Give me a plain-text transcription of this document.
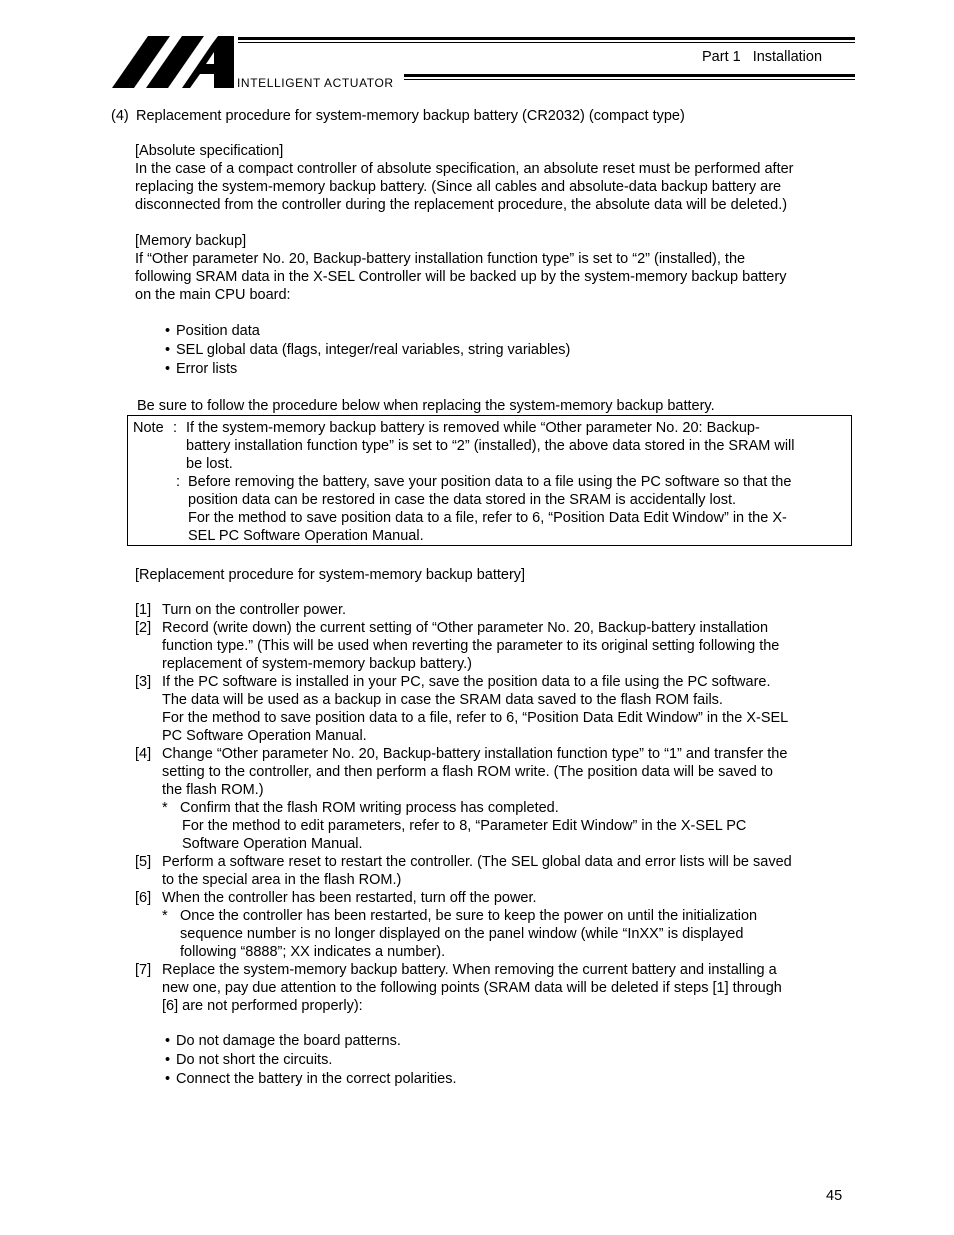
INTELLIGENT ACTUATOR
Part 1 Installation
(4) Replacement procedure for system-memory backup battery (CR2032) (compact type)

[Absolute specification]

In the case of a compact controller of absolute specification, an absolute reset must be performed after

replacing the system-memory backup battery. (Since all cables and absolute-data backup battery are

disconnected from the controller during the replacement procedure, the absolute data will be deleted.)

[Memory backup]

If “Other parameter No. 20, Backup-battery installation function type” is set to “2” (installed), the

following SRAM data in the X-SEL Controller will be backed up by the system-memory backup battery

on the main CPU board:

• Position data
• SEL global data (flags, integer/real variables, string variables)
• Error lists
Be sure to follow the procedure below when replacing the system-memory backup battery.
Note : If the system-memory backup battery is removed while “Other parameter No. 20: Backup-
battery installation function type” is set to “2” (installed), the above data stored in the SRAM will
be lost.
: Before removing the battery, save your position data to a file using the PC software so that the
position data can be restored in case the data stored in the SRAM is accidentally lost.
For the method to save position data to a file, refer to 6, “Position Data Edit Window” in the X-
SEL PC Software Operation Manual.
[Replacement procedure for system-memory backup battery]
[1] Turn on the controller power.
[2] Record (write down) the current setting of “Other parameter No. 20, Backup-battery installation
function type.” (This will be used when reverting the parameter to its original setting following the
replacement of system-memory backup battery.)
[3] If the PC software is installed in your PC, save the position data to a file using the PC software.
The data will be used as a backup in case the SRAM data saved to the flash ROM fails.
For the method to save position data to a file, refer to 6, “Position Data Edit Window” in the X-SEL
PC Software Operation Manual.
[4] Change “Other parameter No. 20, Backup-battery installation function type” to “1” and transfer the
setting to the controller, and then perform a flash ROM write. (The position data will be saved to
the flash ROM.)
* Confirm that the flash ROM writing process has completed.
For the method to edit parameters, refer to 8, “Parameter Edit Window” in the X-SEL PC
Software Operation Manual.
[5] Perform a software reset to restart the controller. (The SEL global data and error lists will be saved
to the special area in the flash ROM.)
[6] When the controller has been restarted, turn off the power.
* Once the controller has been restarted, be sure to keep the power on until the initialization
sequence number is no longer displayed on the panel window (while “InXX” is displayed
following “8888”; XX indicates a number).
[7] Replace the system-memory backup battery. When removing the current battery and installing a
new one, pay due attention to the following points (SRAM data will be deleted if steps [1] through
[6] are not performed properly):
• Do not damage the board patterns.
• Do not short the circuits.
• Connect the battery in the correct polarities.
45
